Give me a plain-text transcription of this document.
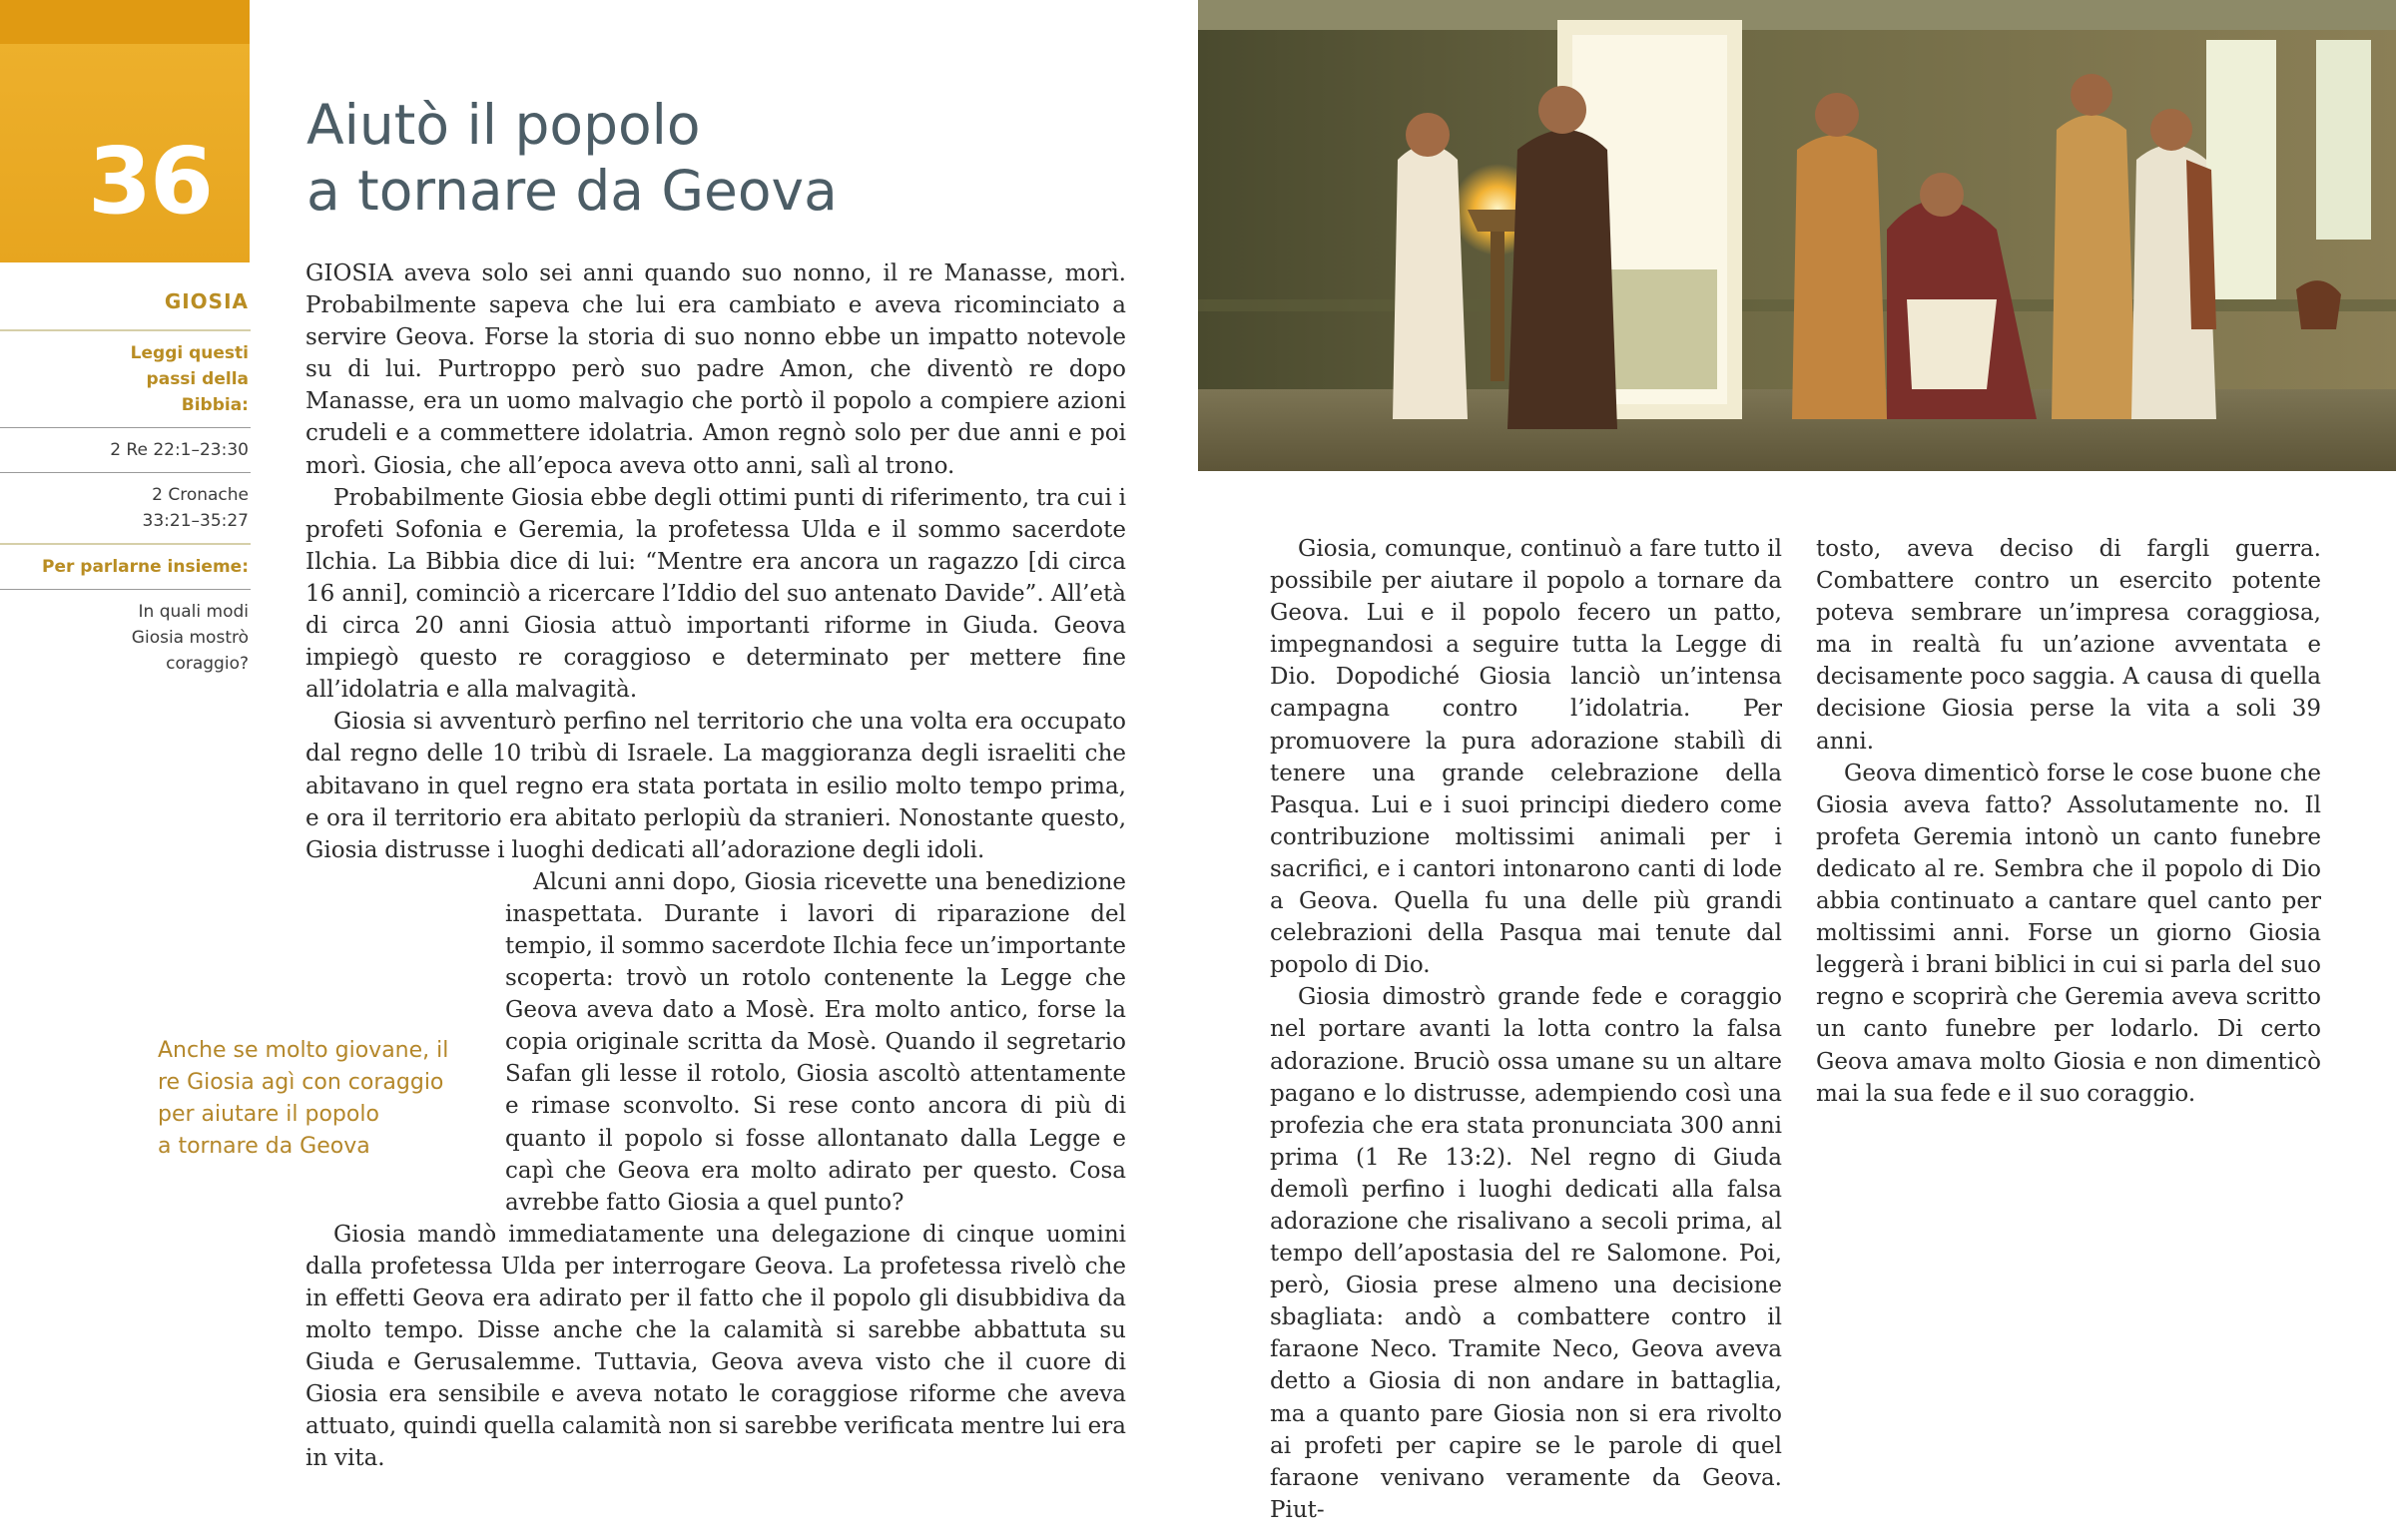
36
Aiutò il popolo
a tornare da Geova
GIOSIA
Leggi questi passi della Bibbia:
2 Re 22:1–23:30
2 Cronache 33:21–35:27
Per parlarne insieme:
In quali modi Giosia mostrò coraggio?
Anche se molto giovane, il
re Giosia agì con coraggio
per aiutare il popolo
a tornare da Geova

GIOSIA aveva solo sei anni quando suo nonno, il re Manasse, morì. Probabilmente sapeva che lui era cambiato e aveva ricominciato a servire Geova. Forse la storia di suo nonno ebbe un impatto notevole su di lui. Purtroppo però suo padre Amon, che diventò re dopo Manasse, era un uomo malvagio che portò il popolo a compiere azioni crudeli e a commettere idolatria. Amon regnò solo per due anni e poi morì. Giosia, che all’epoca aveva otto anni, salì al trono.

Probabilmente Giosia ebbe degli ottimi punti di riferimento, tra cui i profeti Sofonia e Geremia, la profetessa Ulda e il sommo sacerdote Ilchia. La Bibbia dice di lui: “Mentre era ancora un ragazzo [di circa 16 anni], cominciò a ricercare l’Iddio del suo antenato Davide”. All’età di circa 20 anni Giosia attuò importanti riforme in Giuda. Geova impiegò questo re coraggioso e determinato per mettere fine all’idolatria e alla malvagità.

Giosia si avventurò perfino nel territorio che una volta era occupato dal regno delle 10 tribù di Israele. La maggioranza degli israeliti che abitavano in quel regno era stata portata in esilio molto tempo prima, e ora il territorio era abitato perlopiù da stranieri. Nonostante questo, Giosia distrusse i luoghi dedicati all’adorazione degli idoli.

Alcuni anni dopo, Giosia ricevette una benedizione inaspettata. Durante i lavori di riparazione del tempio, il sommo sacerdote Ilchia fece un’importante scoperta: trovò un rotolo contenente la Legge che Geova aveva dato a Mosè. Era molto antico, forse la copia originale scritta da Mosè. Quando il segretario Safan gli lesse il rotolo, Giosia ascoltò attentamente e rimase sconvolto. Si rese conto ancora di più di quanto il popolo si fosse allontanato dalla Legge e capì che Geova era molto adirato per questo. Cosa avrebbe fatto Giosia a quel punto?

Giosia mandò immediatamente una delegazione di cinque uomini dalla profetessa Ulda per interrogare Geova. La profetessa rivelò che in effetti Geova era adirato per il fatto che il popolo gli disubbidiva da molto tempo. Disse anche che la calamità si sarebbe abbattuta su Giuda e Gerusalemme. Tuttavia, Geova aveva visto che il cuore di Giosia era sensibile e aveva notato le coraggiose riforme che aveva attuato, quindi quella calamità non si sarebbe verificata mentre lui era in vita.

Giosia, comunque, continuò a fare tutto il possibile per aiutare il popolo a tornare da Geova. Lui e il popolo fecero un patto, impegnandosi a seguire tutta la Legge di Dio. Dopodiché Giosia lanciò un’intensa campagna contro l’idolatria. Per promuovere la pura adorazione stabilì di tenere una grande celebrazione della Pasqua. Lui e i suoi principi diedero come contribuzione moltissimi animali per i sacrifici, e i cantori intonarono canti di lode a Geova. Quella fu una delle più grandi celebrazioni della Pasqua mai tenute dal popolo di Dio.

Giosia dimostrò grande fede e coraggio nel portare avanti la lotta contro la falsa adorazione. Bruciò ossa umane su un altare pagano e lo distrusse, adempiendo così una profezia che era stata pronunciata 300 anni prima (1 Re 13:2). Nel regno di Giuda demolì perfino i luoghi dedicati alla falsa adorazione che risalivano a secoli prima, al tempo dell’apostasia del re Salomone. Poi, però, Giosia prese almeno una decisione sbagliata: andò a combattere contro il faraone Neco. Tramite Neco, Geova aveva detto a Giosia di non andare in battaglia, ma a quanto pare Giosia non si era rivolto ai profeti per capire se le parole di quel faraone venivano veramente da Geova. Piut-

tosto, aveva deciso di fargli guerra. Combattere contro un esercito potente poteva sembrare un’impresa coraggiosa, ma in realtà fu un’azione avventata e decisamente poco saggia. A causa di quella decisione Giosia perse la vita a soli 39 anni.

Geova dimenticò forse le cose buone che Giosia aveva fatto? Assolutamente no. Il profeta Geremia intonò un canto funebre dedicato al re. Sembra che il popolo di Dio abbia continuato a cantare quel canto per moltissimi anni. Forse un giorno Giosia leggerà i brani biblici in cui si parla del suo regno e scoprirà che Geremia aveva scritto un canto funebre per lodarlo. Di certo Geova amava molto Giosia e non dimenticò mai la sua fede e il suo coraggio.
